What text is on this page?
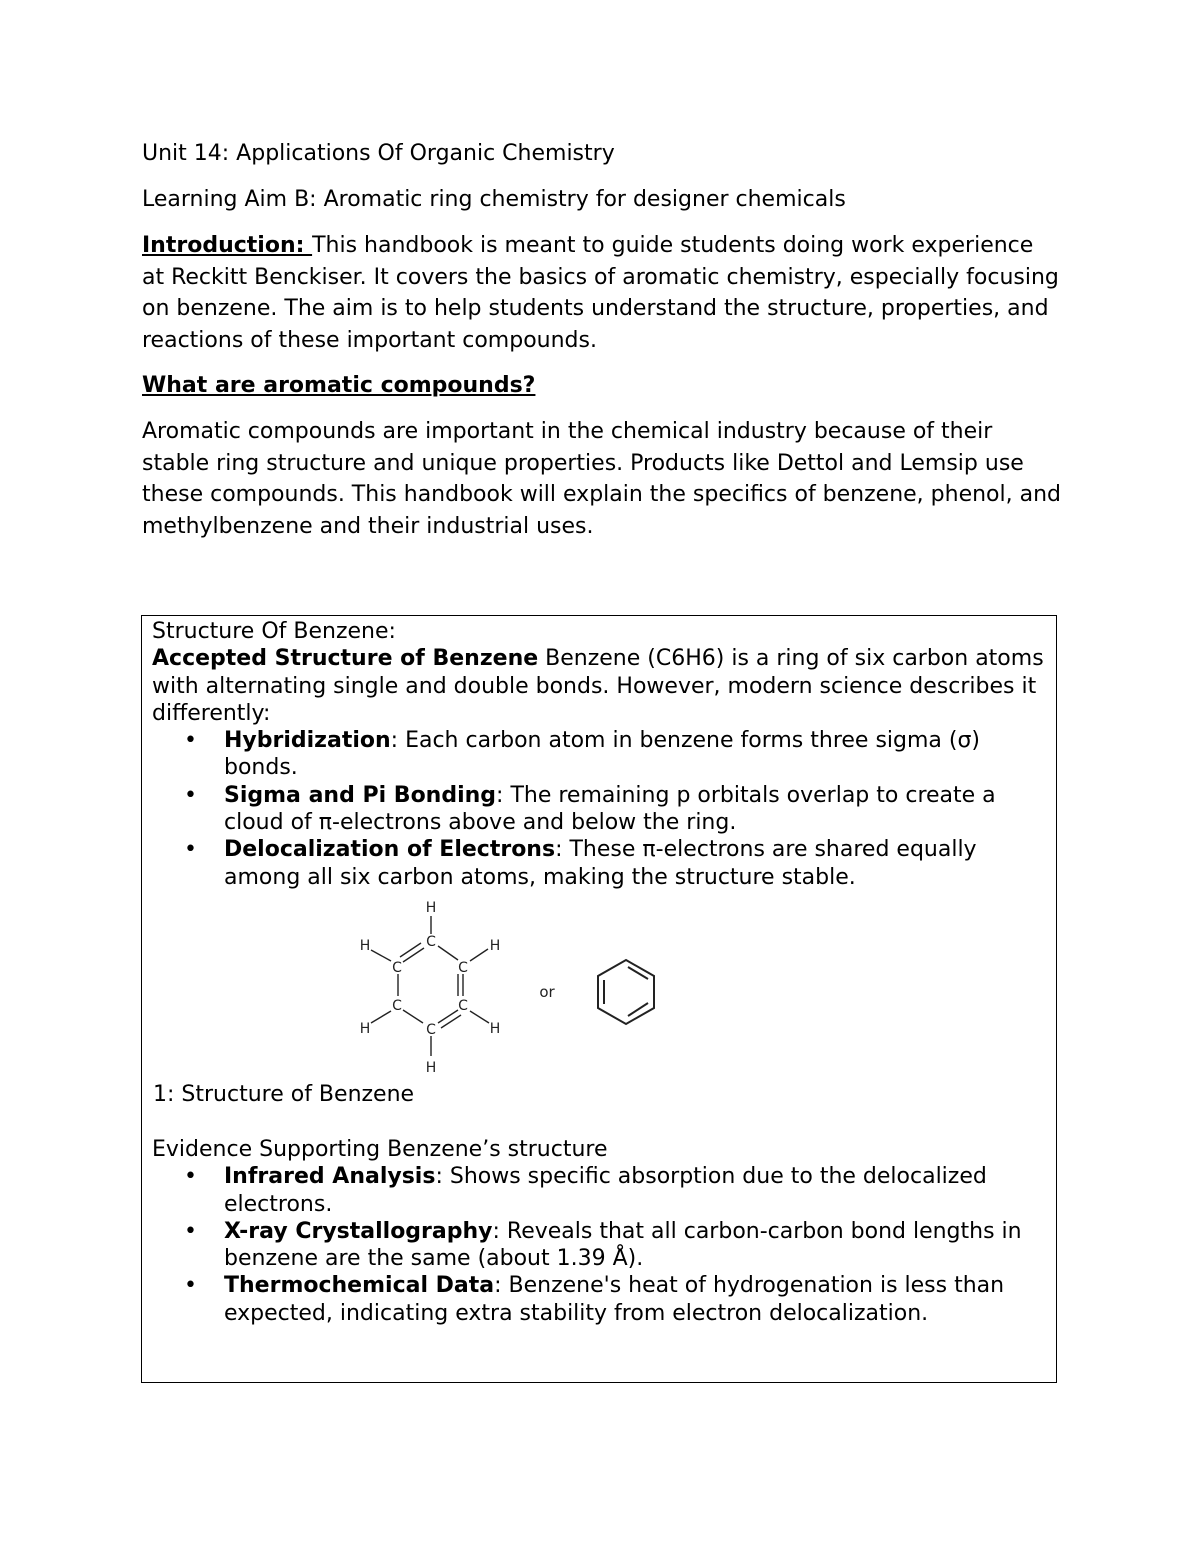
Unit 14: Applications Of Organic Chemistry

Learning Aim B: Aromatic ring chemistry for designer chemicals

Introduction: This handbook is meant to guide students doing work experience at Reckitt Benckiser. It covers the basics of aromatic chemistry, especially focusing on benzene. The aim is to help students understand the structure, properties, and reactions of these important compounds.

What are aromatic compounds?

Aromatic compounds are important in the chemical industry because of their stable ring structure and unique properties. Products like Dettol and Lemsip use these compounds. This handbook will explain the specifics of benzene, phenol, and methylbenzene and their industrial uses.

Structure Of Benzene:

Accepted Structure of Benzene Benzene (C6H6) is a ring of six carbon atoms with alternating single and double bonds. However, modern science describes it differently:

• Hybridization: Each carbon atom in benzene forms three sigma (σ) bonds.
• Sigma and Pi Bonding: The remaining p orbitals overlap to create a cloud of π-electrons above and below the ring.
• Delocalization of Electrons: These π-electrons are shared equally among all six carbon atoms, making the structure stable.
H
C
H	H
C	C
C	C
H	H
C
H
or
1: Structure of Benzene

Evidence Supporting Benzene’s structure

• Infrared Analysis: Shows specific absorption due to the delocalized electrons.
• X-ray Crystallography: Reveals that all carbon-carbon bond lengths in benzene are the same (about 1.39 Å).
• Thermochemical Data: Benzene's heat of hydrogenation is less than expected, indicating extra stability from electron delocalization.
